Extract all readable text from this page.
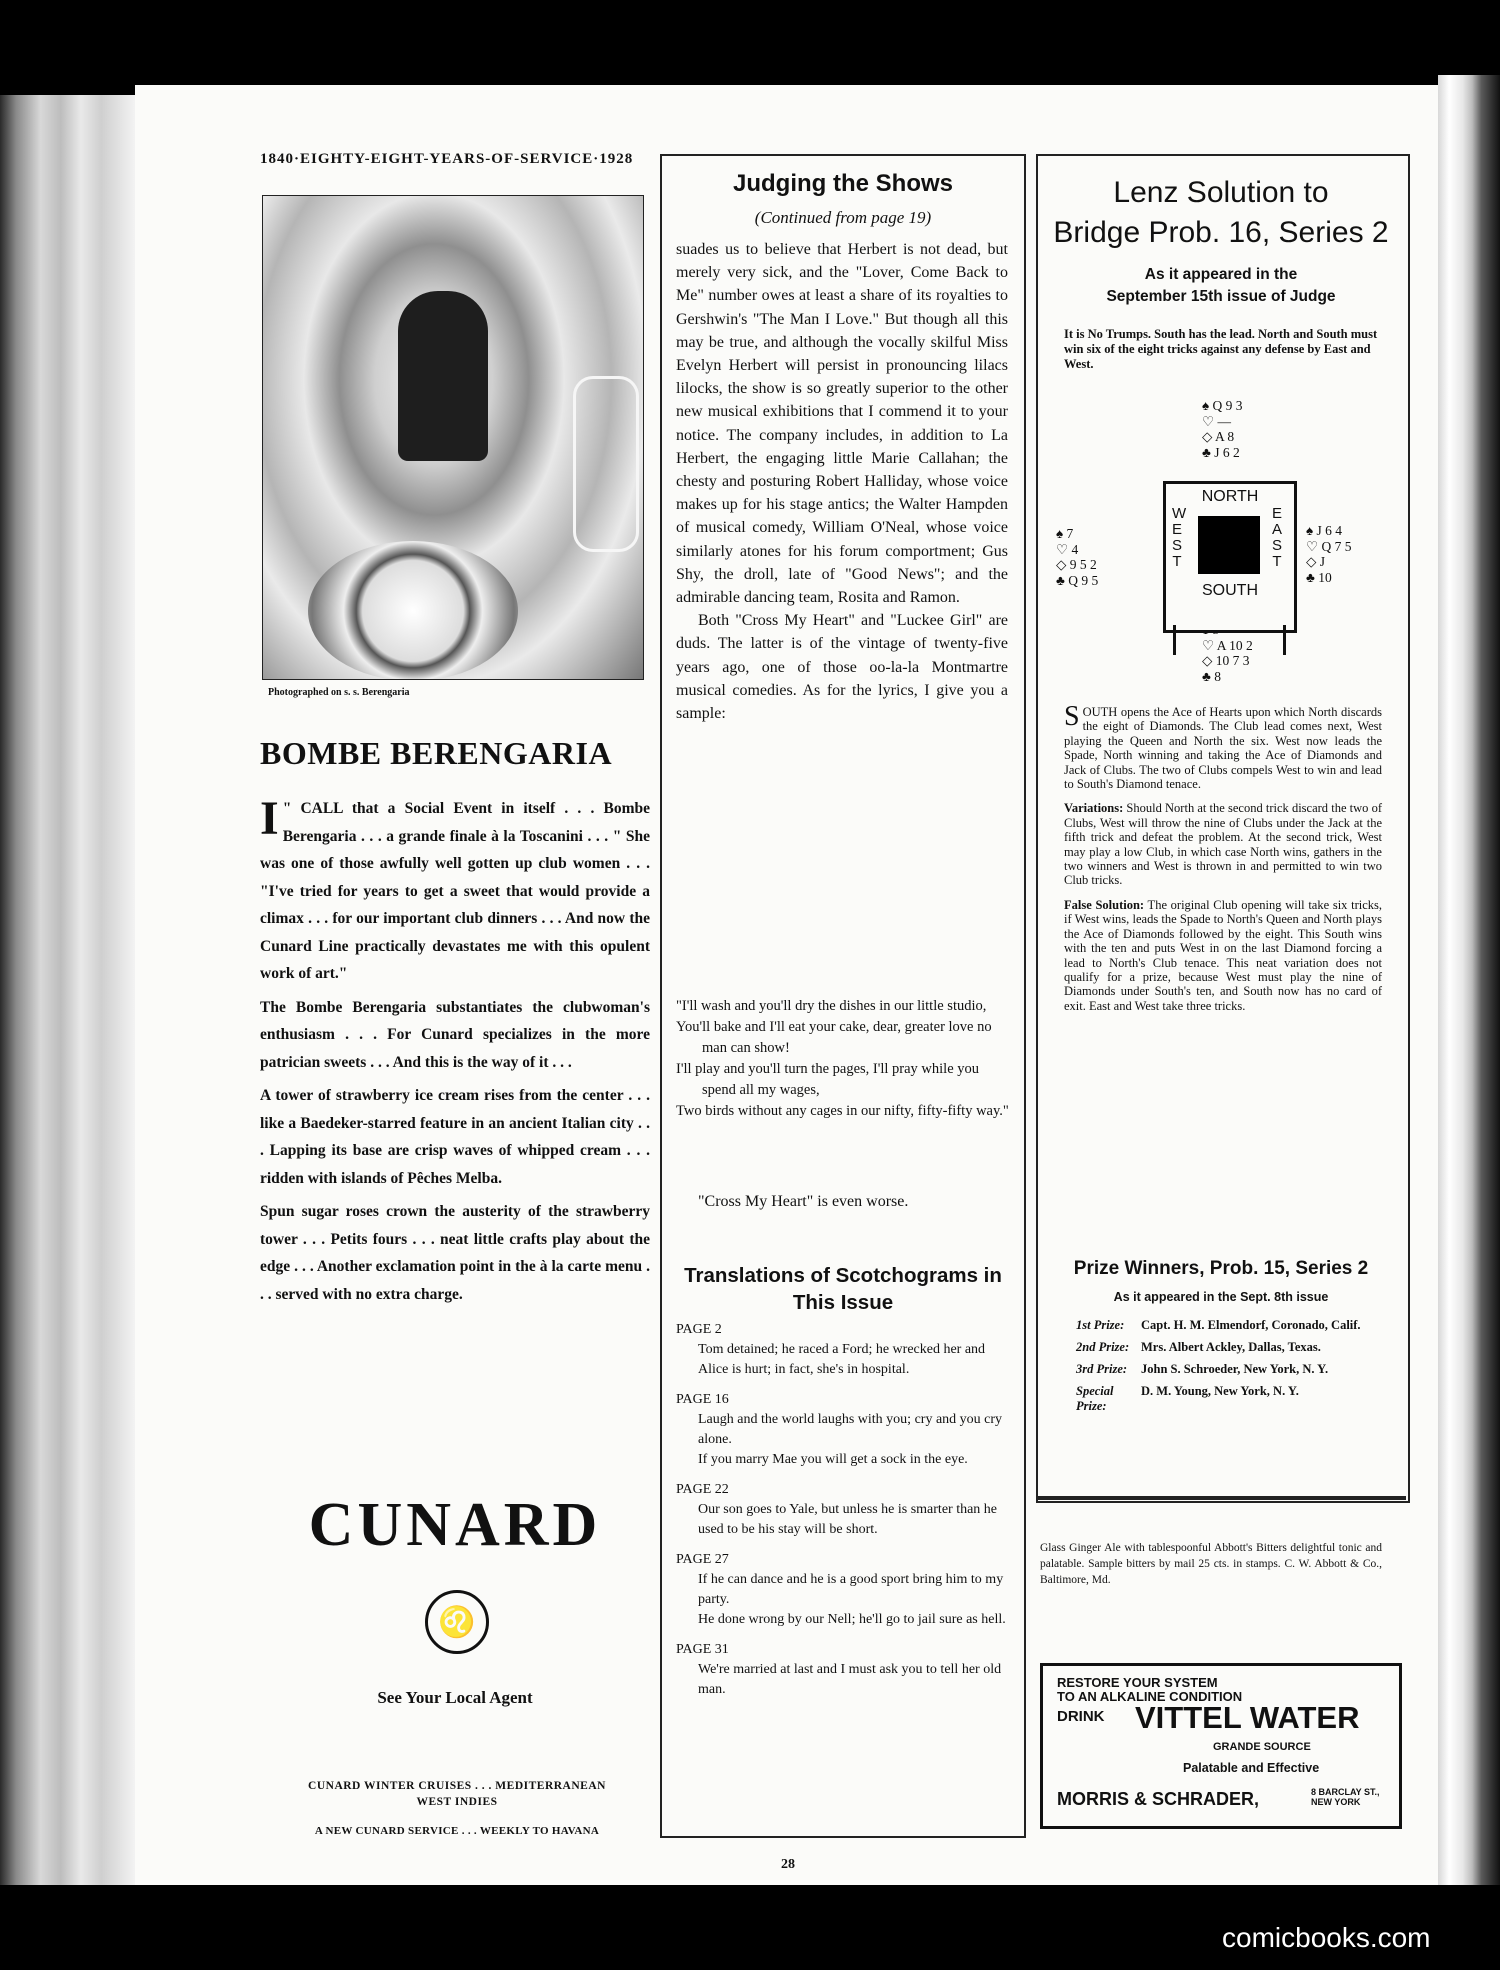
1840·EIGHTY-EIGHT-YEARS-OF-SERVICE·1928
Photographed on s. s. Berengaria
BOMBE BERENGARIA

I " CALL that a Social Event in itself . . . Bombe Berengaria . . . a grande finale à la Toscanini . . . " She was one of those awfully well gotten up club women . . . "I've tried for years to get a sweet that would provide a climax . . . for our important club dinners . . . And now the Cunard Line practically devastates me with this opulent work of art."

The Bombe Berengaria substantiates the clubwoman's enthusiasm . . . For Cunard specializes in the more patrician sweets . . . And this is the way of it . . .

A tower of strawberry ice cream rises from the center . . . like a Baedeker-starred feature in an ancient Italian city . . . Lapping its base are crisp waves of whipped cream . . . ridden with islands of Pêches Melba.

Spun sugar roses crown the austerity of the strawberry tower . . . Petits fours . . . neat little crafts play about the edge . . . Another exclamation point in the à la carte menu . . . served with no extra charge.

CUNARD
♌
See Your Local Agent
CUNARD WINTER CRUISES . . . MEDITERRANEAN
WEST INDIES
A NEW CUNARD SERVICE . . . WEEKLY TO HAVANA
Judging the Shows
(Continued from page 19)

suades us to believe that Herbert is not dead, but merely very sick, and the "Lover, Come Back to Me" number owes at least a share of its royalties to Gershwin's "The Man I Love." But though all this may be true, and although the vocally skilful Miss Evelyn Herbert will persist in pronouncing lilacs lilocks, the show is so greatly superior to the other new musical exhibitions that I commend it to your notice. The company includes, in addition to La Herbert, the engaging little Marie Callahan; the chesty and posturing Robert Halliday, whose voice makes up for his stage antics; the Walter Hampden of musical comedy, William O'Neal, whose voice similarly atones for his forum comportment; Gus Shy, the droll, late of "Good News"; and the admirable dancing team, Rosita and Ramon.

Both "Cross My Heart" and "Luckee Girl" are duds. The latter is of the vintage of twenty-five years ago, one of those oo-la-la Montmartre musical comedies. As for the lyrics, I give you a sample:

"I'll wash and you'll dry the dishes in our little studio,
You'll bake and I'll eat your cake, dear, greater love no man can show!
I'll play and you'll turn the pages, I'll pray while you spend all my wages,
Two birds without any cages in our nifty, fifty-fifty way."
"Cross My Heart" is even worse.
Translations of Scotchograms in This Issue
PAGE 2
Tom detained; he raced a Ford; he wrecked her and Alice is hurt; in fact, she's in hospital.
PAGE 16
Laugh and the world laughs with you; cry and you cry alone.
If you marry Mae you will get a sock in the eye.
PAGE 22
Our son goes to Yale, but unless he is smarter than he used to be his stay will be short.
PAGE 27
If he can dance and he is a good sport bring him to my party.
He done wrong by our Nell; he'll go to jail sure as hell.
PAGE 31
We're married at last and I must ask you to tell her old man.
Lenz Solution to
Bridge Prob. 16, Series 2
As it appeared in the
September 15th issue of Judge
It is No Trumps. South has the lead. North and South must win six of the eight tricks against any defense by East and West.
♠ Q 9 3
♡ —
◇ A 8
♣ J 6 2
♠ 7
♡ 4
◇ 9 5 2
♣ Q 9 5
♠ J 6 4
♡ Q 7 5
◇ J
♣ 10
♡ A 10 2
◇ 10 7 3
♣ 8
NORTH
WEST
EAST
SOUTH

SOUTH opens the Ace of Hearts upon which North discards the eight of Diamonds. The Club lead comes next, West playing the Queen and North the six. West now leads the Spade, North winning and taking the Ace of Diamonds and Jack of Clubs. The two of Clubs compels West to win and lead to South's Diamond tenace.

Variations: Should North at the second trick discard the two of Clubs, West will throw the nine of Clubs under the Jack at the fifth trick and defeat the problem. At the second trick, West may play a low Club, in which case North wins, gathers in the two winners and West is thrown in and permitted to win two Club tricks.

False Solution: The original Club opening will take six tricks, if West wins, leads the Spade to North's Queen and North plays the Ace of Diamonds followed by the eight. This South wins with the ten and puts West in on the last Diamond forcing a lead to North's Club tenace. This neat variation does not qualify for a prize, because West must play the nine of Diamonds under South's ten, and South now has no card of exit. East and West take three tricks.

Prize Winners, Prob. 15, Series 2
As it appeared in the Sept. 8th issue
1st Prize:	Capt. H. M. Elmendorf, Coronado, Calif.
2nd Prize: Mrs. Albert Ackley, Dallas, Texas.
3rd Prize:	John S. Schroeder, New York, N. Y.
Special Prize:
D. M. Young, New York, N. Y.
Glass Ginger Ale with tablespoonful Abbott's Bitters delightful tonic and palatable. Sample bitters by mail 25 cts. in stamps. C. W. Abbott & Co., Baltimore, Md.
RESTORE YOUR SYSTEM
TO AN ALKALINE CONDITION
DRINK VITTEL WATER
GRANDE SOURCE
Palatable and Effective
MORRIS & SCHRADER,	8 BARCLAY ST.,
NEW YORK
28
comicbooks.com
